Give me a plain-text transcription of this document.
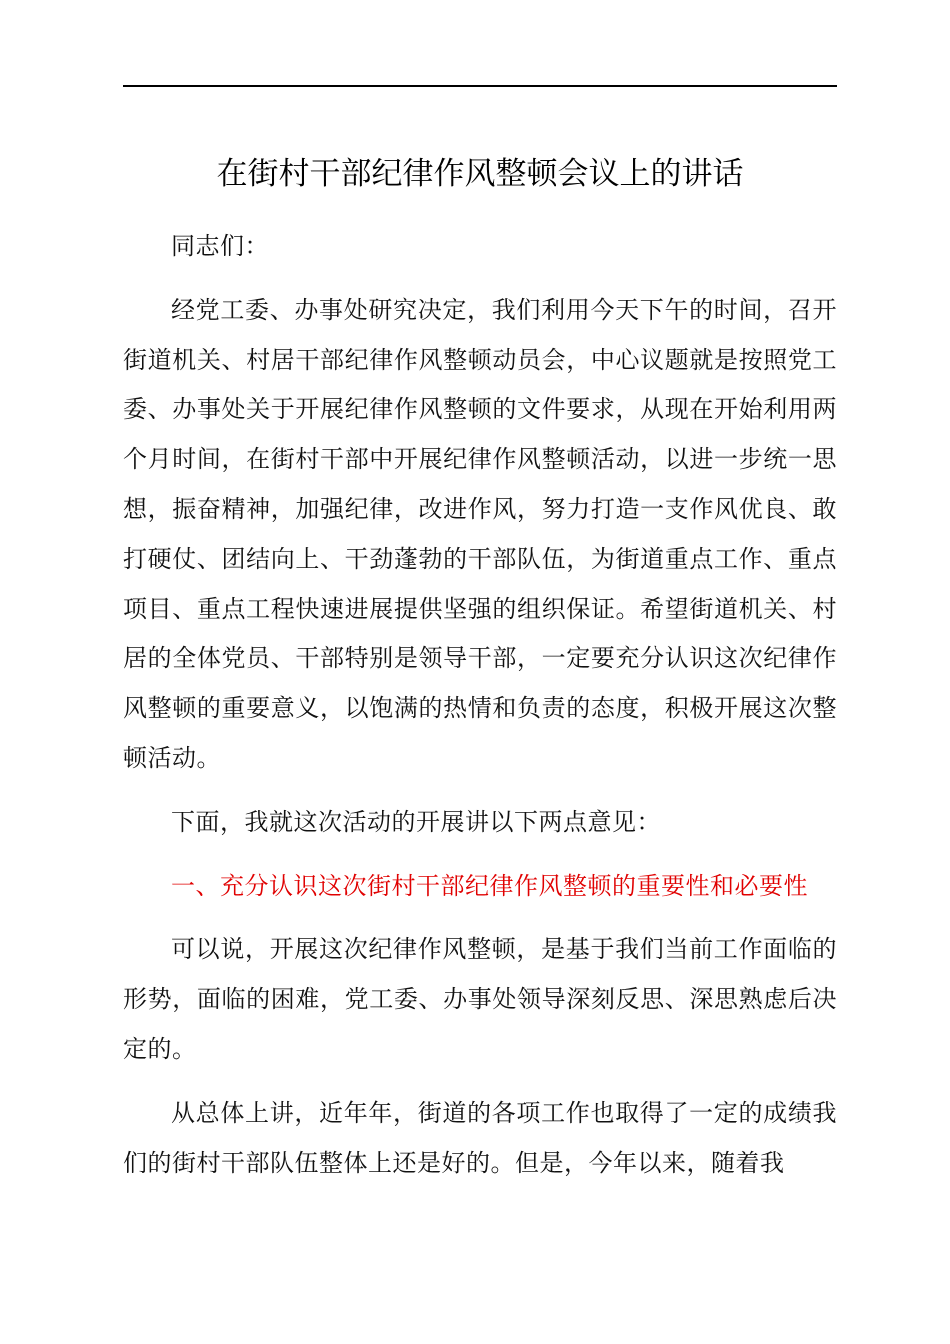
在街村干部纪律作风整顿会议上的讲话

同志们：

经党工委、办事处研究决定，我们利用今天下午的时间，召开街道机关、村居干部纪律作风整顿动员会，中心议题就是按照党工委、办事处关于开展纪律作风整顿的文件要求，从现在开始利用两个月时间，在街村干部中开展纪律作风整顿活动，以进一步统一思想，振奋精神，加强纪律，改进作风，努力打造一支作风优良、敢打硬仗、团结向上、干劲蓬勃的干部队伍，为街道重点工作、重点项目、重点工程快速进展提供坚强的组织保证。希望街道机关、村居的全体党员、干部特别是领导干部，一定要充分认识这次纪律作风整顿的重要意义，以饱满的热情和负责的态度，积极开展这次整顿活动。

下面，我就这次活动的开展讲以下两点意见：

一、充分认识这次街村干部纪律作风整顿的重要性和必要性

可以说，开展这次纪律作风整顿，是基于我们当前工作面临的形势，面临的困难，党工委、办事处领导深刻反思、深思熟虑后决定的。

从总体上讲，近年年，街道的各项工作也取得了一定的成绩我们的街村干部队伍整体上还是好的。但是，今年以来，随着我
